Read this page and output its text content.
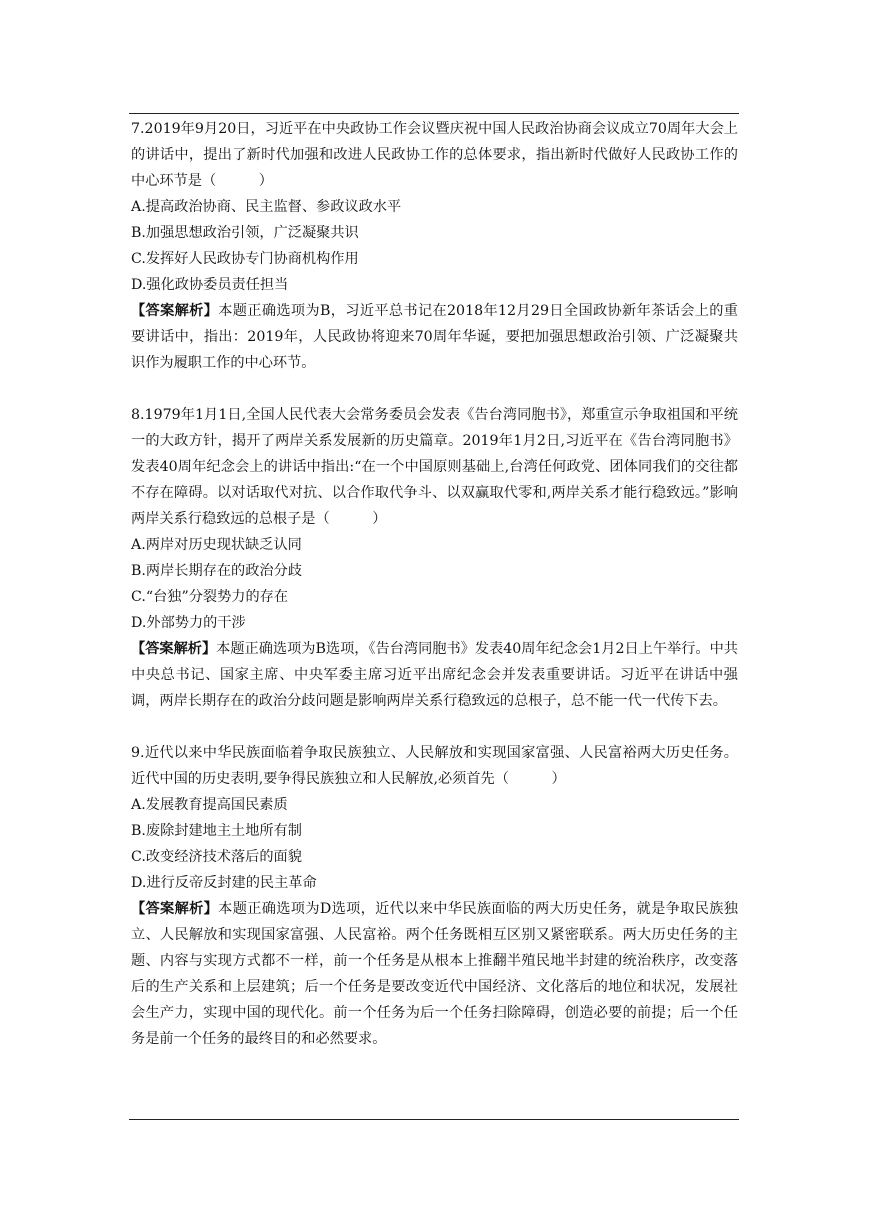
7.2019年9月20日，习近平在中央政协工作会议暨庆祝中国人民政治协商会议成立70周年大会上的讲话中，提出了新时代加强和改进人民政协工作的总体要求，指出新时代做好人民政协工作的中心环节是（　　　）

A.提高政治协商、民主监督、参政议政水平

B.加强思想政治引领，广泛凝聚共识

C.发挥好人民政协专门协商机构作用

D.强化政协委员责任担当

【答案解析】本题正确选项为B，习近平总书记在2018年12月29日全国政协新年茶话会上的重要讲话中，指出：2019年，人民政协将迎来70周年华诞，要把加强思想政治引领、广泛凝聚共识作为履职工作的中心环节。

8.1979年1月1日,全国人民代表大会常务委员会发表《告台湾同胞书》，郑重宣示争取祖国和平统一的大政方针，揭开了两岸关系发展新的历史篇章。2019年1月2日,习近平在《告台湾同胞书》发表40周年纪念会上的讲话中指出:“在一个中国原则基础上,台湾任何政党、团体同我们的交往都不存在障碍。以对话取代对抗、以合作取代争斗、以双赢取代零和,两岸关系才能行稳致远。”影响两岸关系行稳致远的总根子是（　　　）

A.两岸对历史现状缺乏认同

B.两岸长期存在的政治分歧

C.“台独”分裂势力的存在

D.外部势力的干涉

【答案解析】本题正确选项为B选项，《告台湾同胞书》发表40周年纪念会1月2日上午举行。中共中央总书记、国家主席、中央军委主席习近平出席纪念会并发表重要讲话。习近平在讲话中强调，两岸长期存在的政治分歧问题是影响两岸关系行稳致远的总根子，总不能一代一代传下去。

9.近代以来中华民族面临着争取民族独立、人民解放和实现国家富强、人民富裕两大历史任务。近代中国的历史表明,要争得民族独立和人民解放,必须首先（　　　）

A.发展教育提高国民素质

B.废除封建地主土地所有制

C.改变经济技术落后的面貌

D.进行反帝反封建的民主革命

【答案解析】本题正确选项为D选项，近代以来中华民族面临的两大历史任务，就是争取民族独立、人民解放和实现国家富强、人民富裕。两个任务既相互区别又紧密联系。两大历史任务的主题、内容与实现方式都不一样，前一个任务是从根本上推翻半殖民地半封建的统治秩序，改变落后的生产关系和上层建筑；后一个任务是要改变近代中国经济、文化落后的地位和状况，发展社会生产力，实现中国的现代化。前一个任务为后一个任务扫除障碍，创造必要的前提；后一个任务是前一个任务的最终目的和必然要求。
